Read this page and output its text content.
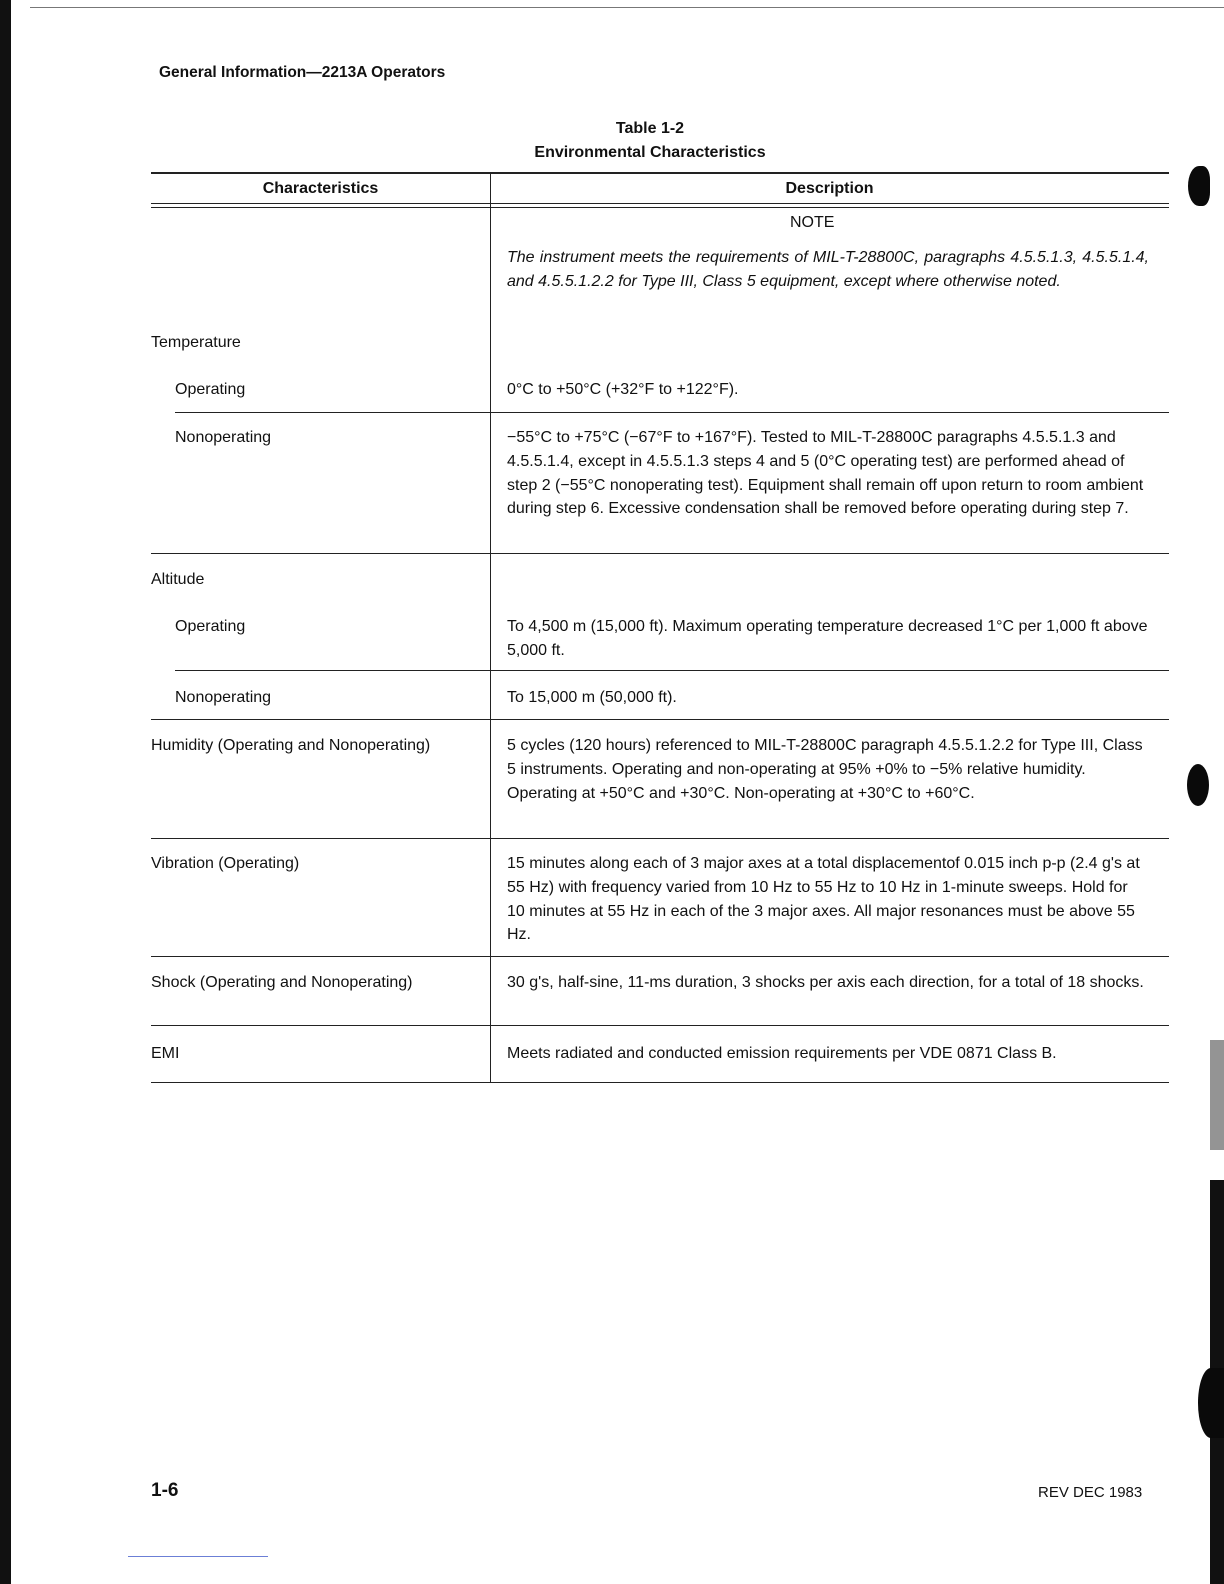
General Information—2213A Operators
Table 1-2
Environmental Characteristics
Characteristics	Description
NOTE
The instrument meets the requirements of MIL-T-28800C, paragraphs 4.5.5.1.3, 4.5.5.1.4, and 4.5.5.1.2.2 for Type III, Class 5 equipment, except where otherwise noted.
Temperature
Operating	0°C to +50°C (+32°F to +122°F).
Nonoperating	−55°C to +75°C (−67°F to +167°F). Tested to MIL-T-28800C paragraphs 4.5.5.1.3 and 4.5.5.1.4, except in 4.5.5.1.3 steps 4 and 5 (0°C operating test) are performed ahead of step 2 (−55°C nonoperating test). Equipment shall remain off upon return to room ambient during step 6. Excessive condensation shall be removed before operating during step 7.
Altitude
Operating	To 4,500 m (15,000 ft). Maximum operating temperature decreased 1°C per 1,000 ft above 5,000 ft.
Nonoperating	To 15,000 m (50,000 ft).
Humidity (Operating and Nonoperating)	5 cycles (120 hours) referenced to MIL-T-28800C paragraph 4.5.5.1.2.2 for Type III, Class 5 instruments. Operating and non-operating at 95% +0% to −5% relative humidity. Operating at +50°C and +30°C. Non-operating at +30°C to +60°C.
Vibration (Operating)	15 minutes along each of 3 major axes at a total displacementof 0.015 inch p-p (2.4 g's at 55 Hz) with frequency varied from 10 Hz to 55 Hz to 10 Hz in 1-minute sweeps. Hold for 10 minutes at 55 Hz in each of the 3 major axes. All major resonances must be above 55 Hz.
Shock (Operating and Nonoperating)	30 g's, half-sine, 11-ms duration, 3 shocks per axis each direction, for a total of 18 shocks.
EMI	Meets radiated and conducted emission requirements per VDE 0871 Class B.
1-6	REV DEC 1983
